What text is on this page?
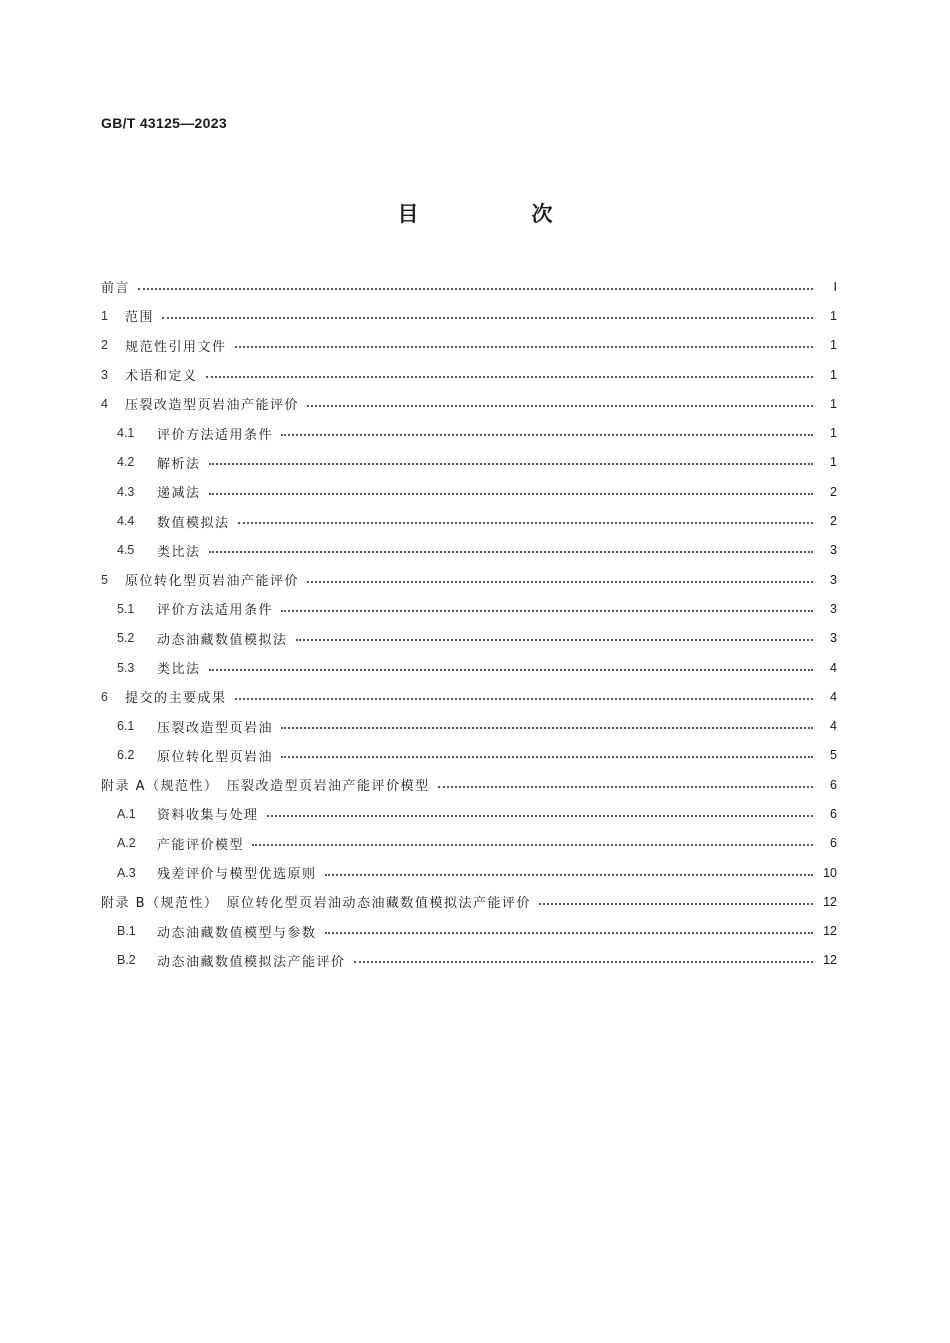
GB/T 43125—2023
目　次
前言	Ⅰ
1	范围	1
2	规范性引用文件	1
3	术语和定义	1
4	压裂改造型页岩油产能评价	1
4.1	评价方法适用条件	1
4.2	解析法	1
4.3	递减法	2
4.4	数值模拟法	2
4.5	类比法	3
5	原位转化型页岩油产能评价	3
5.1	评价方法适用条件	3
5.2	动态油藏数值模拟法	3
5.3	类比法	4
6	提交的主要成果	4
6.1	压裂改造型页岩油	4
6.2	原位转化型页岩油	5
附录 A（规范性）　压裂改造型页岩油产能评价模型	6
A.1	资料收集与处理	6
A.2	产能评价模型	6
A.3	残差评价与模型优选原则	10
附录 B（规范性）　原位转化型页岩油动态油藏数值模拟法产能评价	12
B.1	动态油藏数值模型与参数	12
B.2	动态油藏数值模拟法产能评价	12
